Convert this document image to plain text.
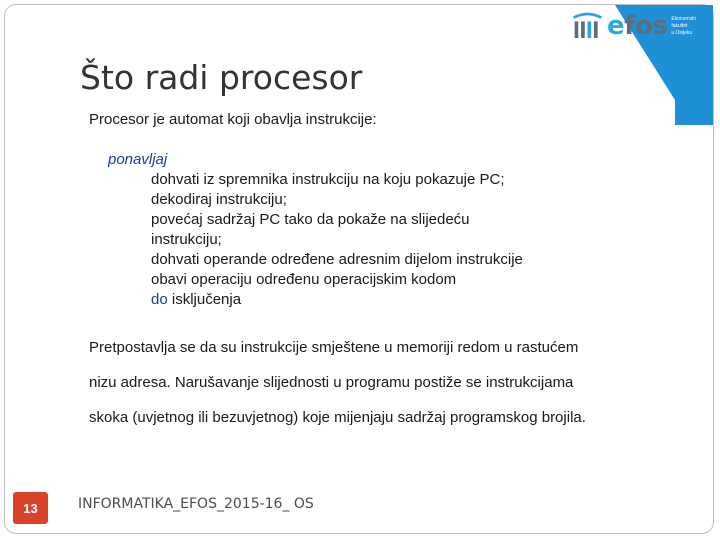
efos Ekonomski fakultet
u Osijeku
Što radi procesor
Procesor je automat koji obavlja instrukcije:
ponavljaj
dohvati iz spremnika instrukciju na koju pokazuje PC;
dekodiraj instrukciju;
povećaj sadržaj PC tako da pokaže na slijedeću
instrukciju;
dohvati operande određene adresnim dijelom instrukcije
obavi operaciju određenu operacijskim kodom
do isključenja
Pretpostavlja se da su instrukcije smještene u memoriji redom u rastućem nizu adresa. Narušavanje slijednosti u programu postiže se instrukcijama skoka (uvjetnog ili bezuvjetnog) koje mijenjaju sadržaj programskog brojila.
13	INFORMATIKA_EFOS_2015-16_ OS
